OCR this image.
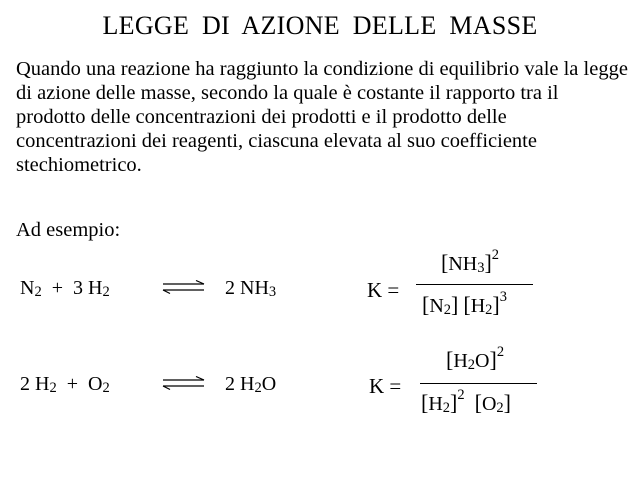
LEGGE DI AZIONE DELLE MASSE
Quando una reazione ha raggiunto la condizione di equilibrio vale la legge di azione delle masse, secondo la quale è costante il rapporto tra il prodotto delle concentrazioni dei prodotti e il prodotto delle concentrazioni dei reagenti, ciascuna elevata al suo coefficiente stechiometrico.
Ad esempio:
N2 + 3 H2	⇌ 2 NH3	K =
$[NH3]^2$
[N2] $[H2]^3$
2 H2 + O2	⇌ 2 H2O	K =
$[H2O]^2$
$[H2]^2$ [O2]
